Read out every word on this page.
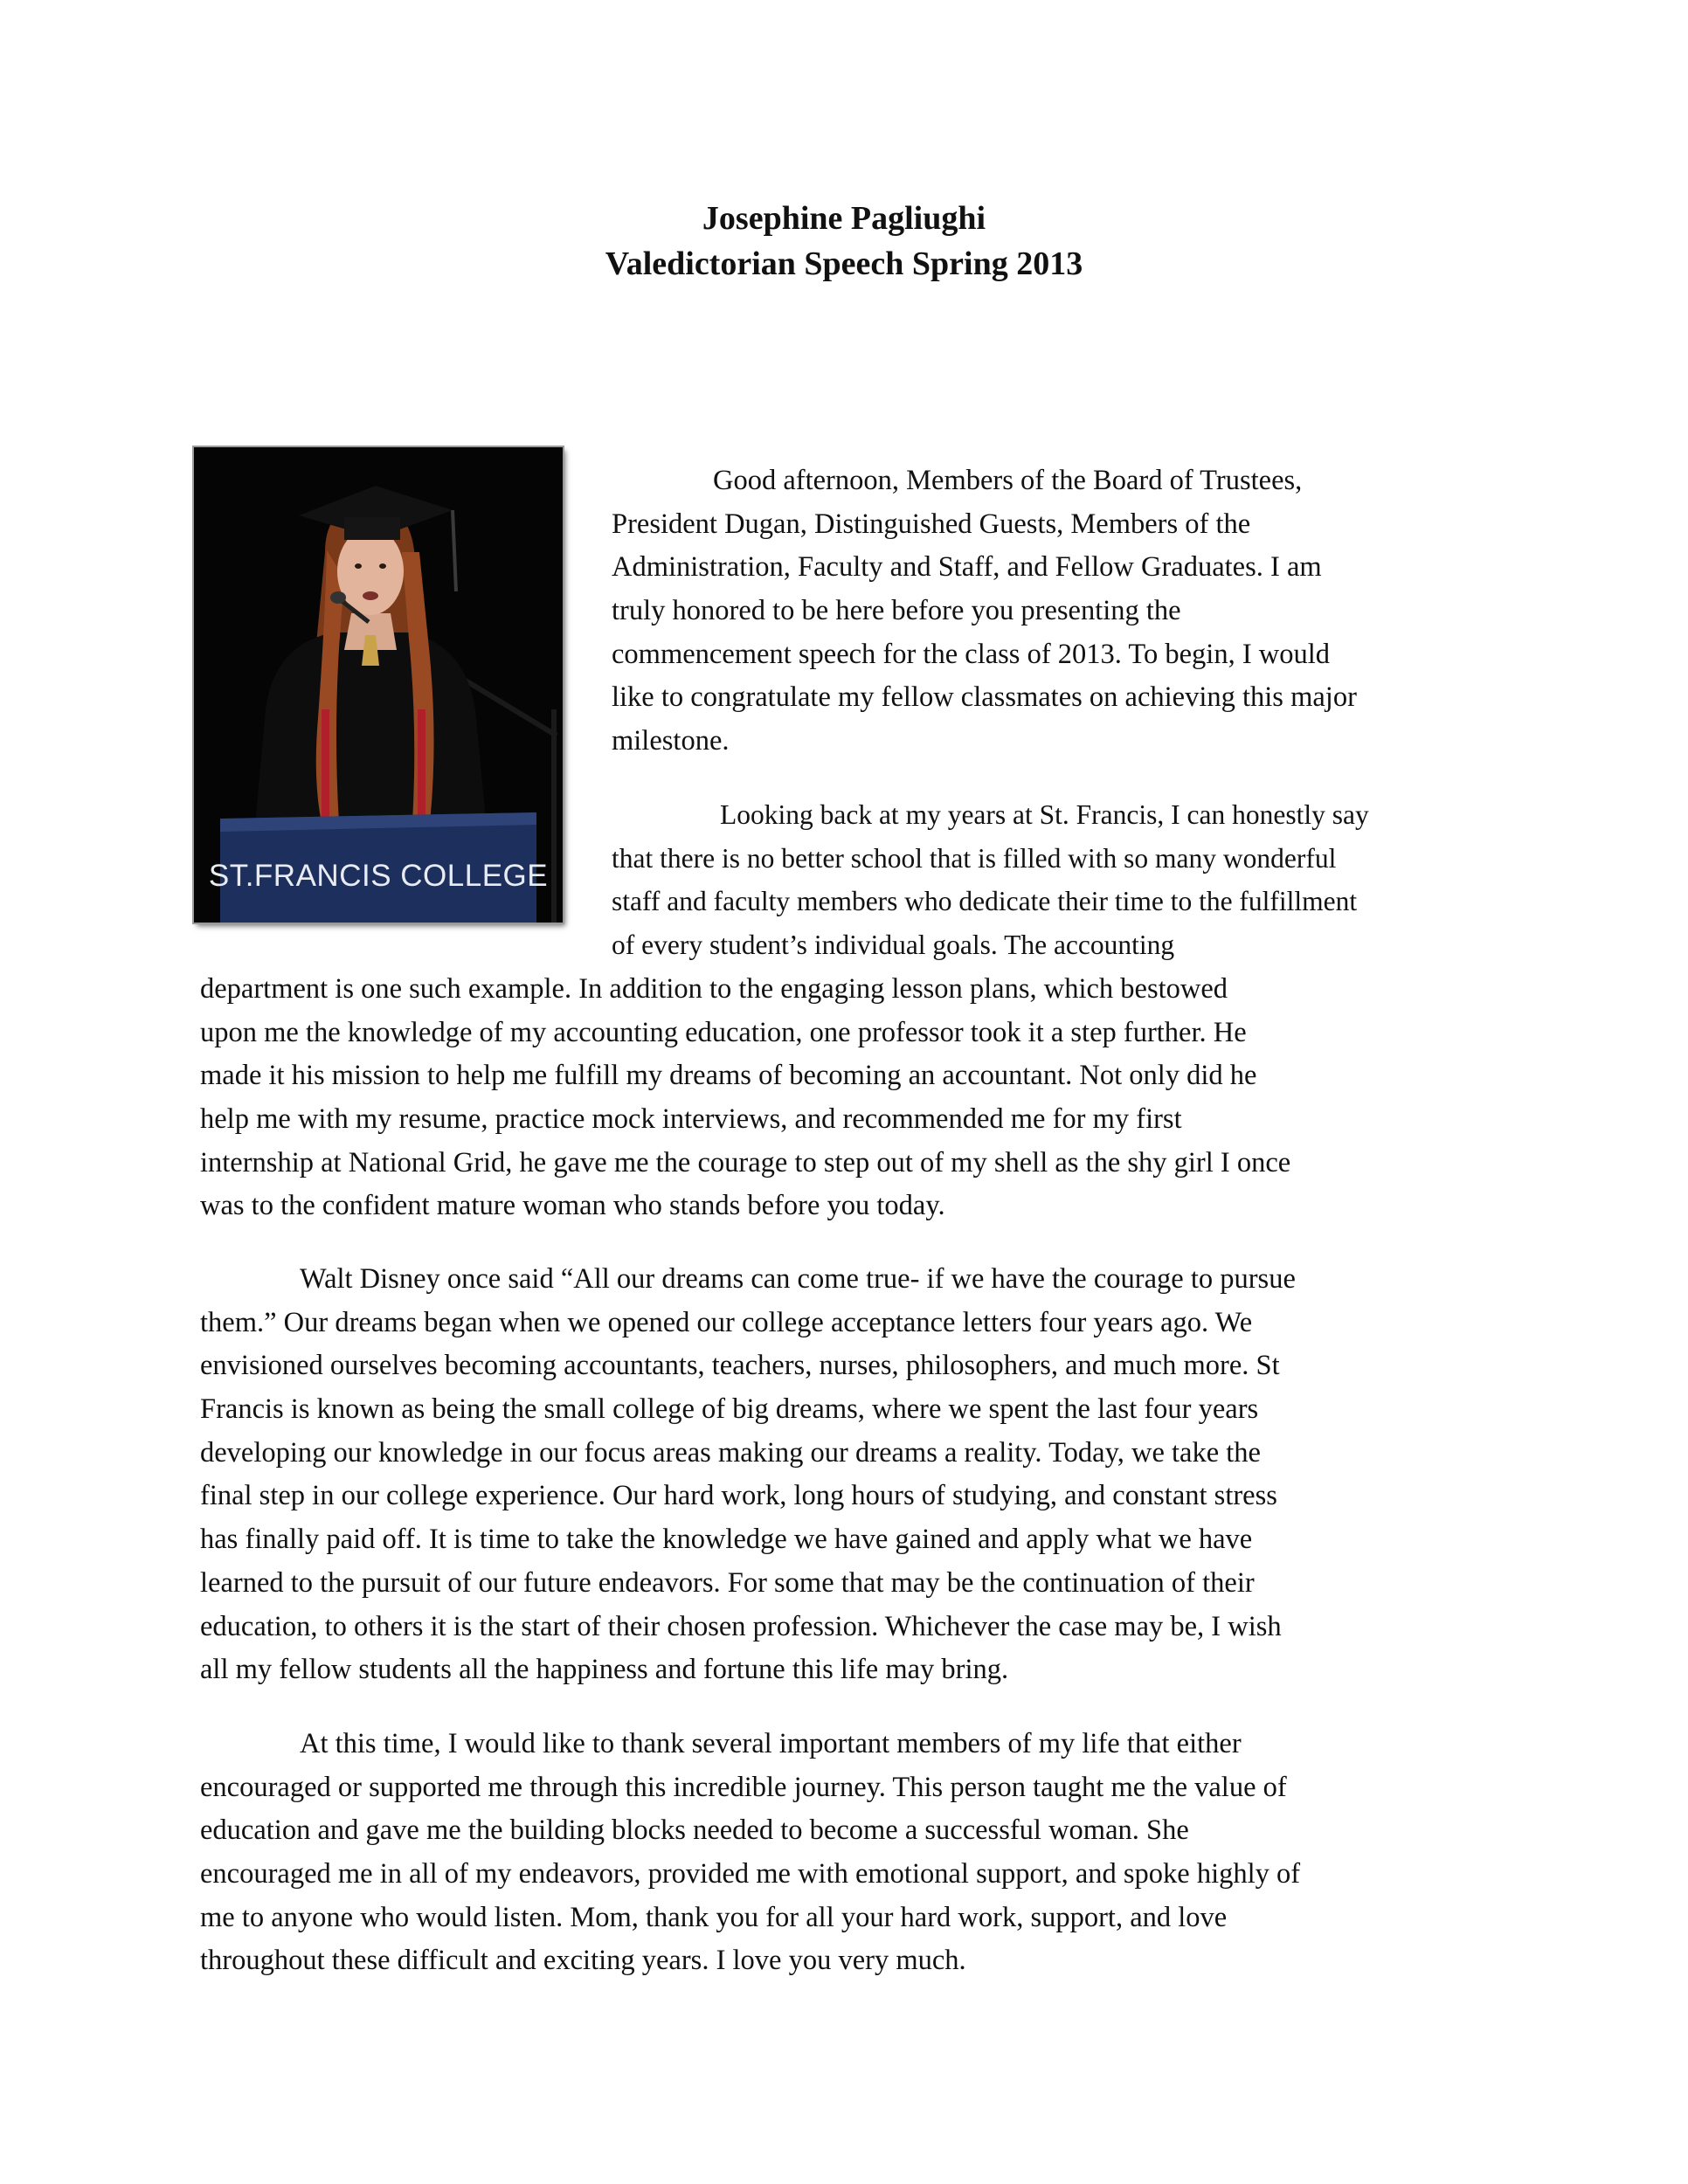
Josephine Pagliughi
Valedictorian Speech Spring 2013
ST.FRANCIS COLLEGE
Good afternoon, Members of the Board of Trustees,
President Dugan, Distinguished Guests, Members of the
Administration, Faculty and Staff, and Fellow Graduates. I am
truly honored to be here before you presenting the
commencement speech for the class of 2013. To begin, I would
like to congratulate my fellow classmates on achieving this major
milestone.
Looking back at my years at St. Francis, I can honestly say
that there is no better school that is filled with so many wonderful
staff and faculty members who dedicate their time to the fulfillment
of every student’s individual goals. The accounting
department is one such example. In addition to the engaging lesson plans, which bestowed
upon me the knowledge of my accounting education, one professor took it a step further. He
made it his mission to help me fulfill my dreams of becoming an accountant. Not only did he
help me with my resume, practice mock interviews, and recommended me for my first
internship at National Grid, he gave me the courage to step out of my shell as the shy girl I once
was to the confident mature woman who stands before you today.
Walt Disney once said “All our dreams can come true- if we have the courage to pursue
them.” Our dreams began when we opened our college acceptance letters four years ago. We
envisioned ourselves becoming accountants, teachers, nurses, philosophers, and much more. St
Francis is known as being the small college of big dreams, where we spent the last four years
developing our knowledge in our focus areas making our dreams a reality. Today, we take the
final step in our college experience. Our hard work, long hours of studying, and constant stress
has finally paid off. It is time to take the knowledge we have gained and apply what we have
learned to the pursuit of our future endeavors. For some that may be the continuation of their
education, to others it is the start of their chosen profession. Whichever the case may be, I wish
all my fellow students all the happiness and fortune this life may bring.
At this time, I would like to thank several important members of my life that either
encouraged or supported me through this incredible journey. This person taught me the value of
education and gave me the building blocks needed to become a successful woman. She
encouraged me in all of my endeavors, provided me with emotional support, and spoke highly of
me to anyone who would listen. Mom, thank you for all your hard work, support, and love
throughout these difficult and exciting years. I love you very much.
